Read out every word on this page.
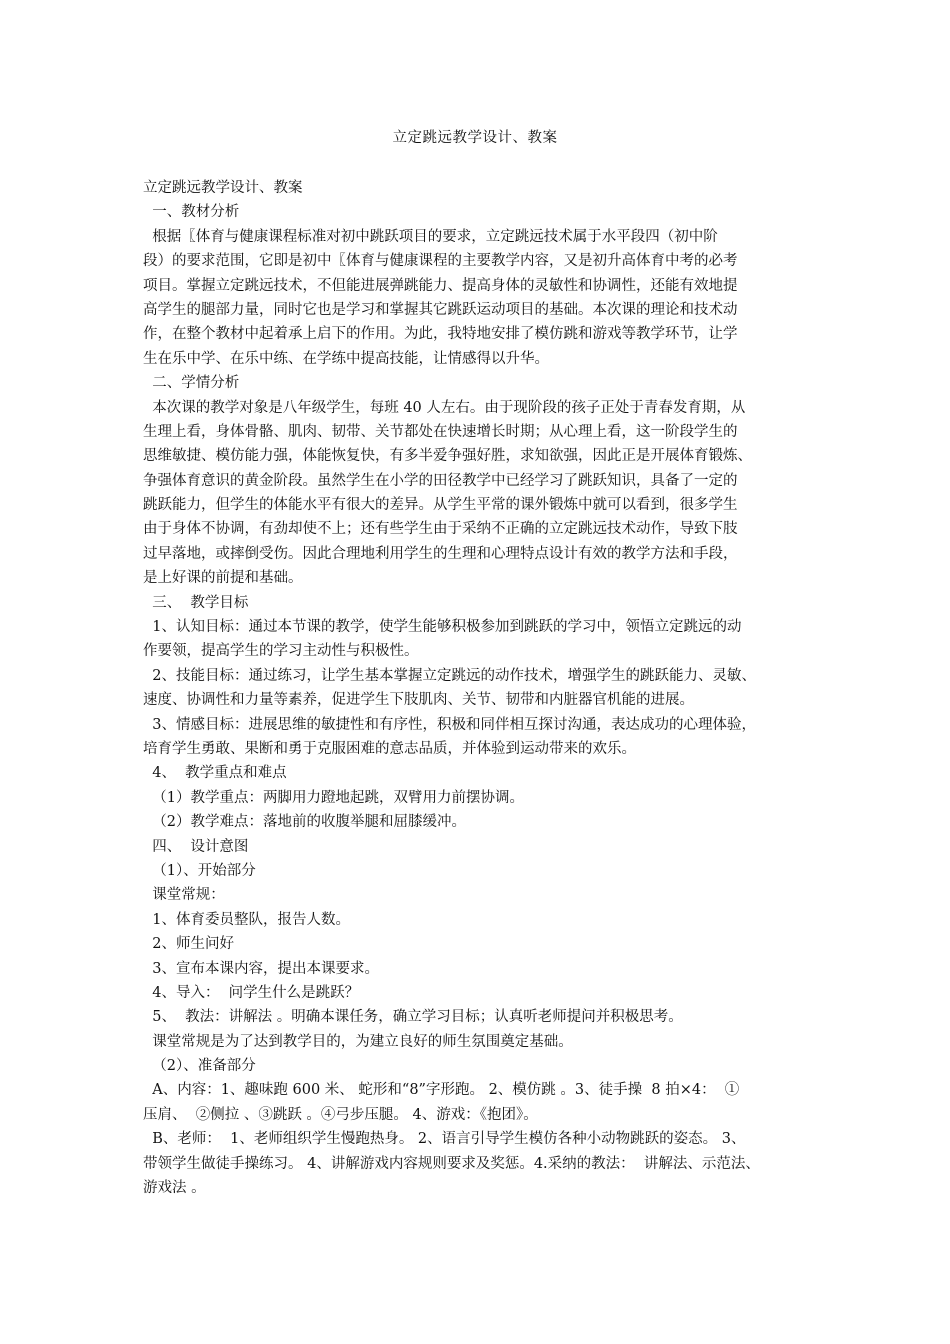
立定跳远教学设计、教案
立定跳远教学设计、教案
一、教材分析
根据〖体育与健康课程标准对初中跳跃项目的要求，立定跳远技术属于水平段四（初中阶
段）的要求范围，它即是初中〖体育与健康课程的主要教学内容，又是初升高体育中考的必考
项目。掌握立定跳远技术，不但能进展弹跳能力、提高身体的灵敏性和协调性，还能有效地提
高学生的腿部力量，同时它也是学习和掌握其它跳跃运动项目的基础。本次课的理论和技术动
作，在整个教材中起着承上启下的作用。为此，我特地安排了模仿跳和游戏等教学环节，让学
生在乐中学、在乐中练、在学练中提高技能，让情感得以升华。
二、学情分析
本次课的教学对象是八年级学生，每班 40 人左右。由于现阶段的孩子正处于青春发育期，从
生理上看，身体骨骼、肌肉、韧带、关节都处在快速增长时期；从心理上看，这一阶段学生的
思维敏捷、模仿能力强，体能恢复快，有多半爱争强好胜，求知欲强，因此正是开展体育锻炼、
争强体育意识的黄金阶段。虽然学生在小学的田径教学中已经学习了跳跃知识，具备了一定的
跳跃能力，但学生的体能水平有很大的差异。从学生平常的课外锻炼中就可以看到，很多学生
由于身体不协调，有劲却使不上；还有些学生由于采纳不正确的立定跳远技术动作，导致下肢
过早落地，或摔倒受伤。因此合理地利用学生的生理和心理特点设计有效的教学方法和手段，
是上好课的前提和基础。
三、  教学目标
1、认知目标：通过本节课的教学，使学生能够积极参加到跳跃的学习中，领悟立定跳远的动
作要领，提高学生的学习主动性与积极性。
2、技能目标：通过练习，让学生基本掌握立定跳远的动作技术，增强学生的跳跃能力、灵敏、
速度、协调性和力量等素养，促进学生下肢肌肉、关节、韧带和内脏器官机能的进展。
3、情感目标：进展思维的敏捷性和有序性，积极和同伴相互探讨沟通，表达成功的心理体验，
培育学生勇敢、果断和勇于克服困难的意志品质，并体验到运动带来的欢乐。
4、  教学重点和难点
（1）教学重点：两脚用力蹬地起跳，双臂用力前摆协调。
（2）教学难点：落地前的收腹举腿和屈膝缓冲。
四、  设计意图
（1）、开始部分
课堂常规：
1、体育委员整队，报告人数。
2、师生问好
3、宣布本课内容，提出本课要求。
4、导入：  问学生什么是跳跃？
5、  教法：讲解法 。明确本课任务，确立学习目标；认真听老师提问并积极思考。
课堂常规是为了达到教学目的，为建立良好的师生氛围奠定基础。
（2）、准备部分
A、内容：1、趣味跑 600 米、 蛇形和“8”字形跑。 2、模仿跳 。3、徒手操  8 拍×4：  ①
压肩、  ②侧拉 、③跳跃 。④弓步压腿。 4、游戏：《抱团》。
B、老师：  1、老师组织学生慢跑热身。 2、语言引导学生模仿各种小动物跳跃的姿态。 3、
带领学生做徒手操练习。 4、讲解游戏内容规则要求及奖惩。4.采纳的教法：  讲解法、示范法、
游戏法 。
